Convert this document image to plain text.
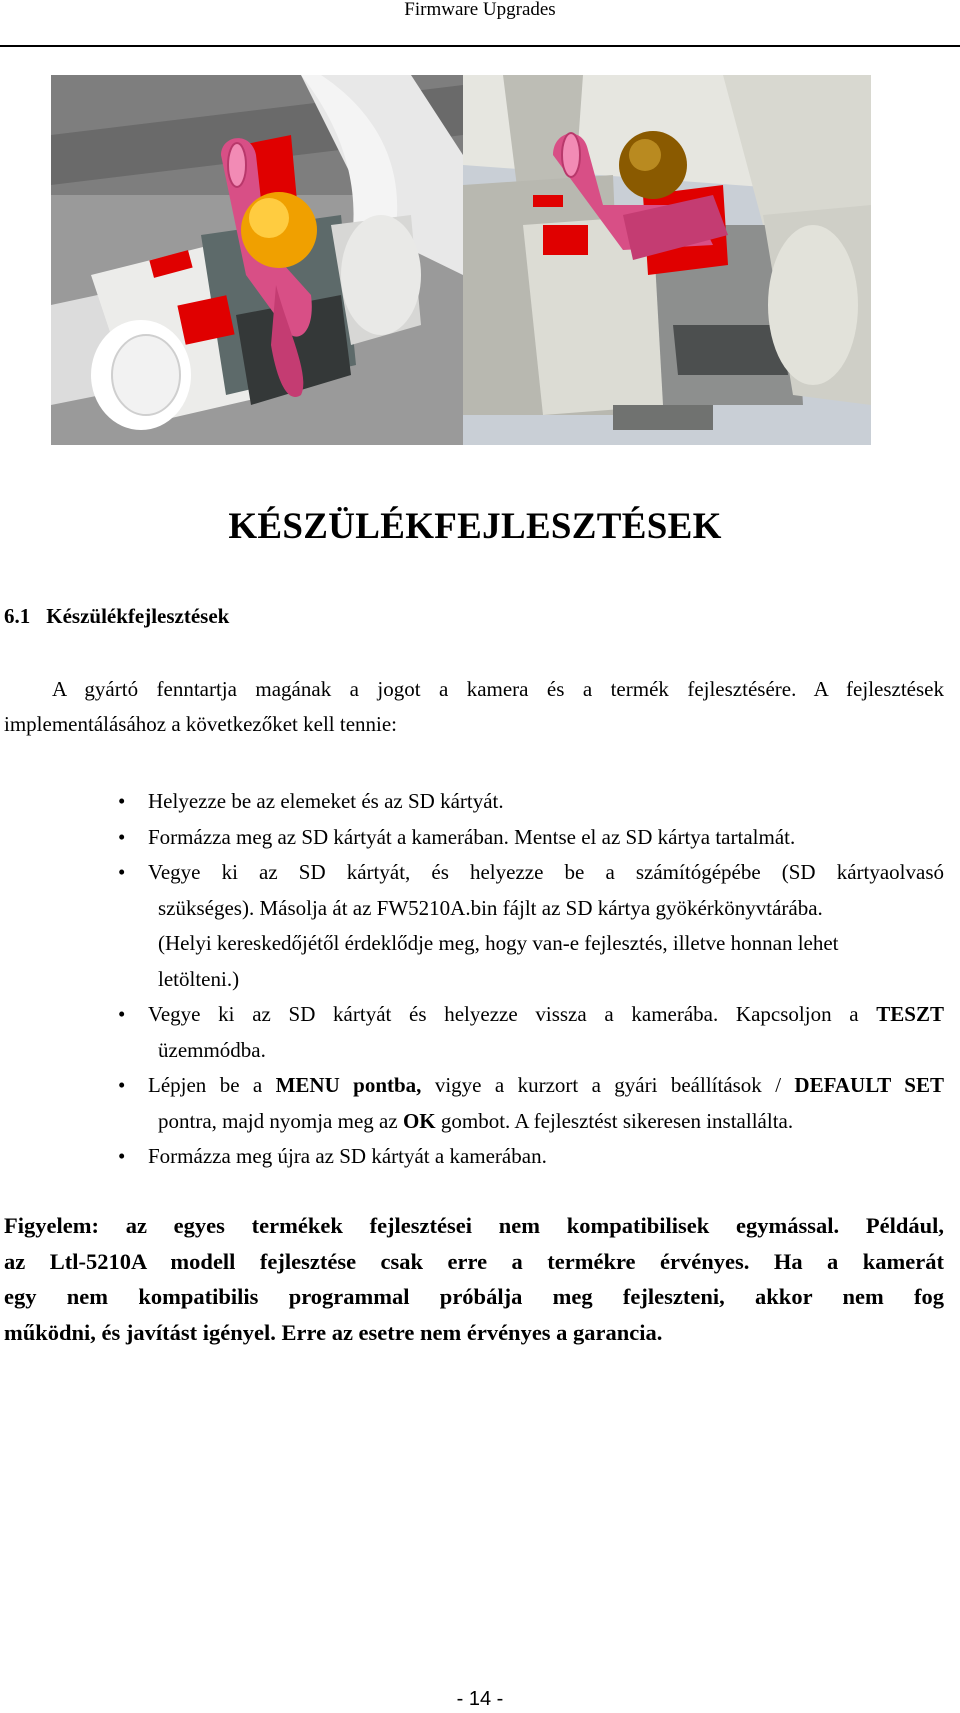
Firmware Upgrades
KÉSZÜLÉKFEJLESZTÉSEK
6.1 Készülékfejlesztések
A gyártó fenntartja magának a jogot a kamera és a termék fejlesztésére. A fejlesztések
implementálásához a következőket kell tennie:
• Helyezze be az elemeket és az SD kártyát.
• Formázza meg az SD kártyát a kamerában. Mentse el az SD kártya tartalmát.
• Vegye ki az SD kártyát, és helyezze be a számítógépébe (SD kártyaolvasó
szükséges). Másolja át az FW5210A.bin fájlt az SD kártya gyökérkönyvtárába.
(Helyi kereskedőjétől érdeklődje meg, hogy van-e fejlesztés, illetve honnan lehet
letölteni.)
• Vegye ki az SD kártyát és helyezze vissza a kamerába. Kapcsoljon a TESZT
üzemmódba.
• Lépjen be a MENU pontba, vigye a kurzort a gyári beállítások / DEFAULT SET
pontra, majd nyomja meg az OK gombot. A fejlesztést sikeresen installálta.
• Formázza meg újra az SD kártyát a kamerában.
Figyelem: az egyes termékek fejlesztései nem kompatibilisek egymással. Például,
az Ltl-5210A modell fejlesztése csak erre a termékre érvényes. Ha a kamerát
egy nem kompatibilis programmal próbálja meg fejleszteni, akkor nem fog
működni, és javítást igényel. Erre az esetre nem érvényes a garancia.
- 14 -
